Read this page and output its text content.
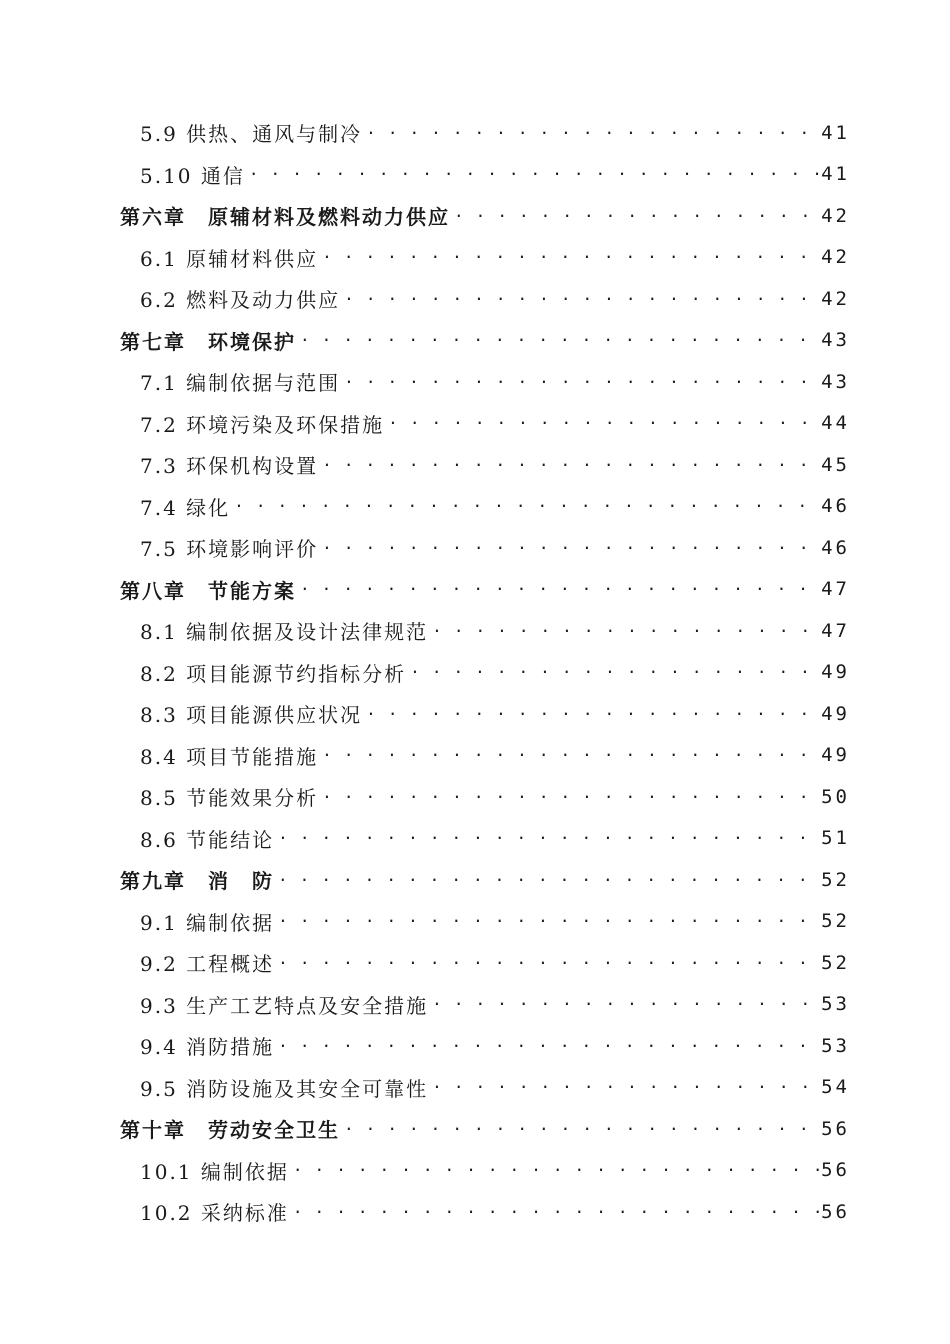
5.9 供热、通风与制冷 . . .	41
5.10 通信 . . .	41
第六章　 原辅材料及燃料动力供应 . . .	42
6.1 原辅材料供应 . . .	42
6.2 燃料及动力供应 . . .	42
第七章　 环境保护 . . .	43
7.1 编制依据与范围 . . .	43
7.2 环境污染及环保措施 . . .	44
7.3 环保机构设置 . . .	45
7.4 绿化 . . .	46
7.5 环境影响评价 . . .	46
第八章　 节能方案 . . .	47
8.1 编制依据及设计法律规范 . . .	47
8.2 项目能源节约指标分析 . . .	49
8.3 项目能源供应状况 . . .	49
8.4 项目节能措施 . . .	49
8.5 节能效果分析 . . .	50
8.6 节能结论 . . .	51
第九章　 消　防 . . .	52
9.1 编制依据 . . .	52
9.2 工程概述 . . .	52
9.3 生产工艺特点及安全措施 . . .	53
9.4 消防措施 . . .	53
9.5 消防设施及其安全可靠性 . . .	54
第十章　 劳动安全卫生 . . .	56
10.1 编制依据 . . .	56
10.2 采纳标准 . . .	56
